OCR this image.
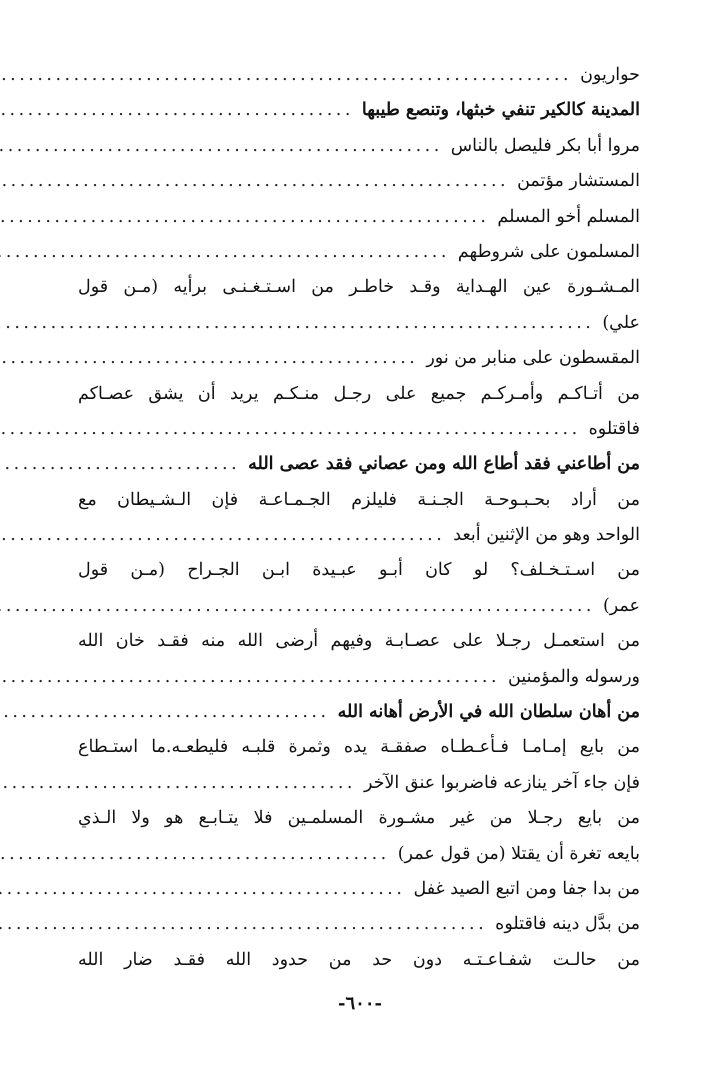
حواريون
.....
المدينة كالكير تنفي خبثها، وتنصع طيبها
.....
مروا أبا بكر فليصل بالناس
.....
المستشار مؤتمن
.....
المسلم أخو المسلم
.....
المسلمون على شروطهم
.....
المـشـورة عين الهـداية وقـد خاطـر من اسـتـغـنـى برأيه (مـن قول
علي)
.....
المقسطون على منابر من نور
.....
من أتـاكـم وأمـركـم جميع على رجـل منـكـم يريد أن يشق عصـاكم
فاقتلوه
.....
من أطاعني فقد أطاع الله ومن عصاني فقد عصى الله
.....
من أراد بحـبـوحـة الجـنـة فليلزم الجـمـاعـة فإن الـشـيطان مع
الواحد وهو من الإثنين أبعد
.....
من اسـتـخـلف؟ لو كان أبـو عبـيدة ابـن الجـراح (مـن قول
عمر)
.....
من استعمـل رجـلا على عصـابـة وفيهم أرضى الله منه فقـد خان الله
ورسوله والمؤمنين
.....
من أهان سلطان الله في الأرض أهانه الله
.....
من بايع إمـامـا فـأعـطـاه صفقـة يده وثمرة قلبـه فليطعـه.ما استـطاع
فإن جاء آخر ينازعه فاضربوا عنق الآخر
.....
من بايع رجـلا من غير مشـورة المسلمـين فلا يتـابـع هو ولا الـذي
بايعه تغرة أن يقتلا (من قول عمر)
.....
من بدا جفا ومن اتبع الصيد غفل
.....
من بدَّل دينه فاقتلوه
.....
من حالـت شفـاعـتـه دون حد من حدود الله فقـد ضار الله
-٦٠٠-
